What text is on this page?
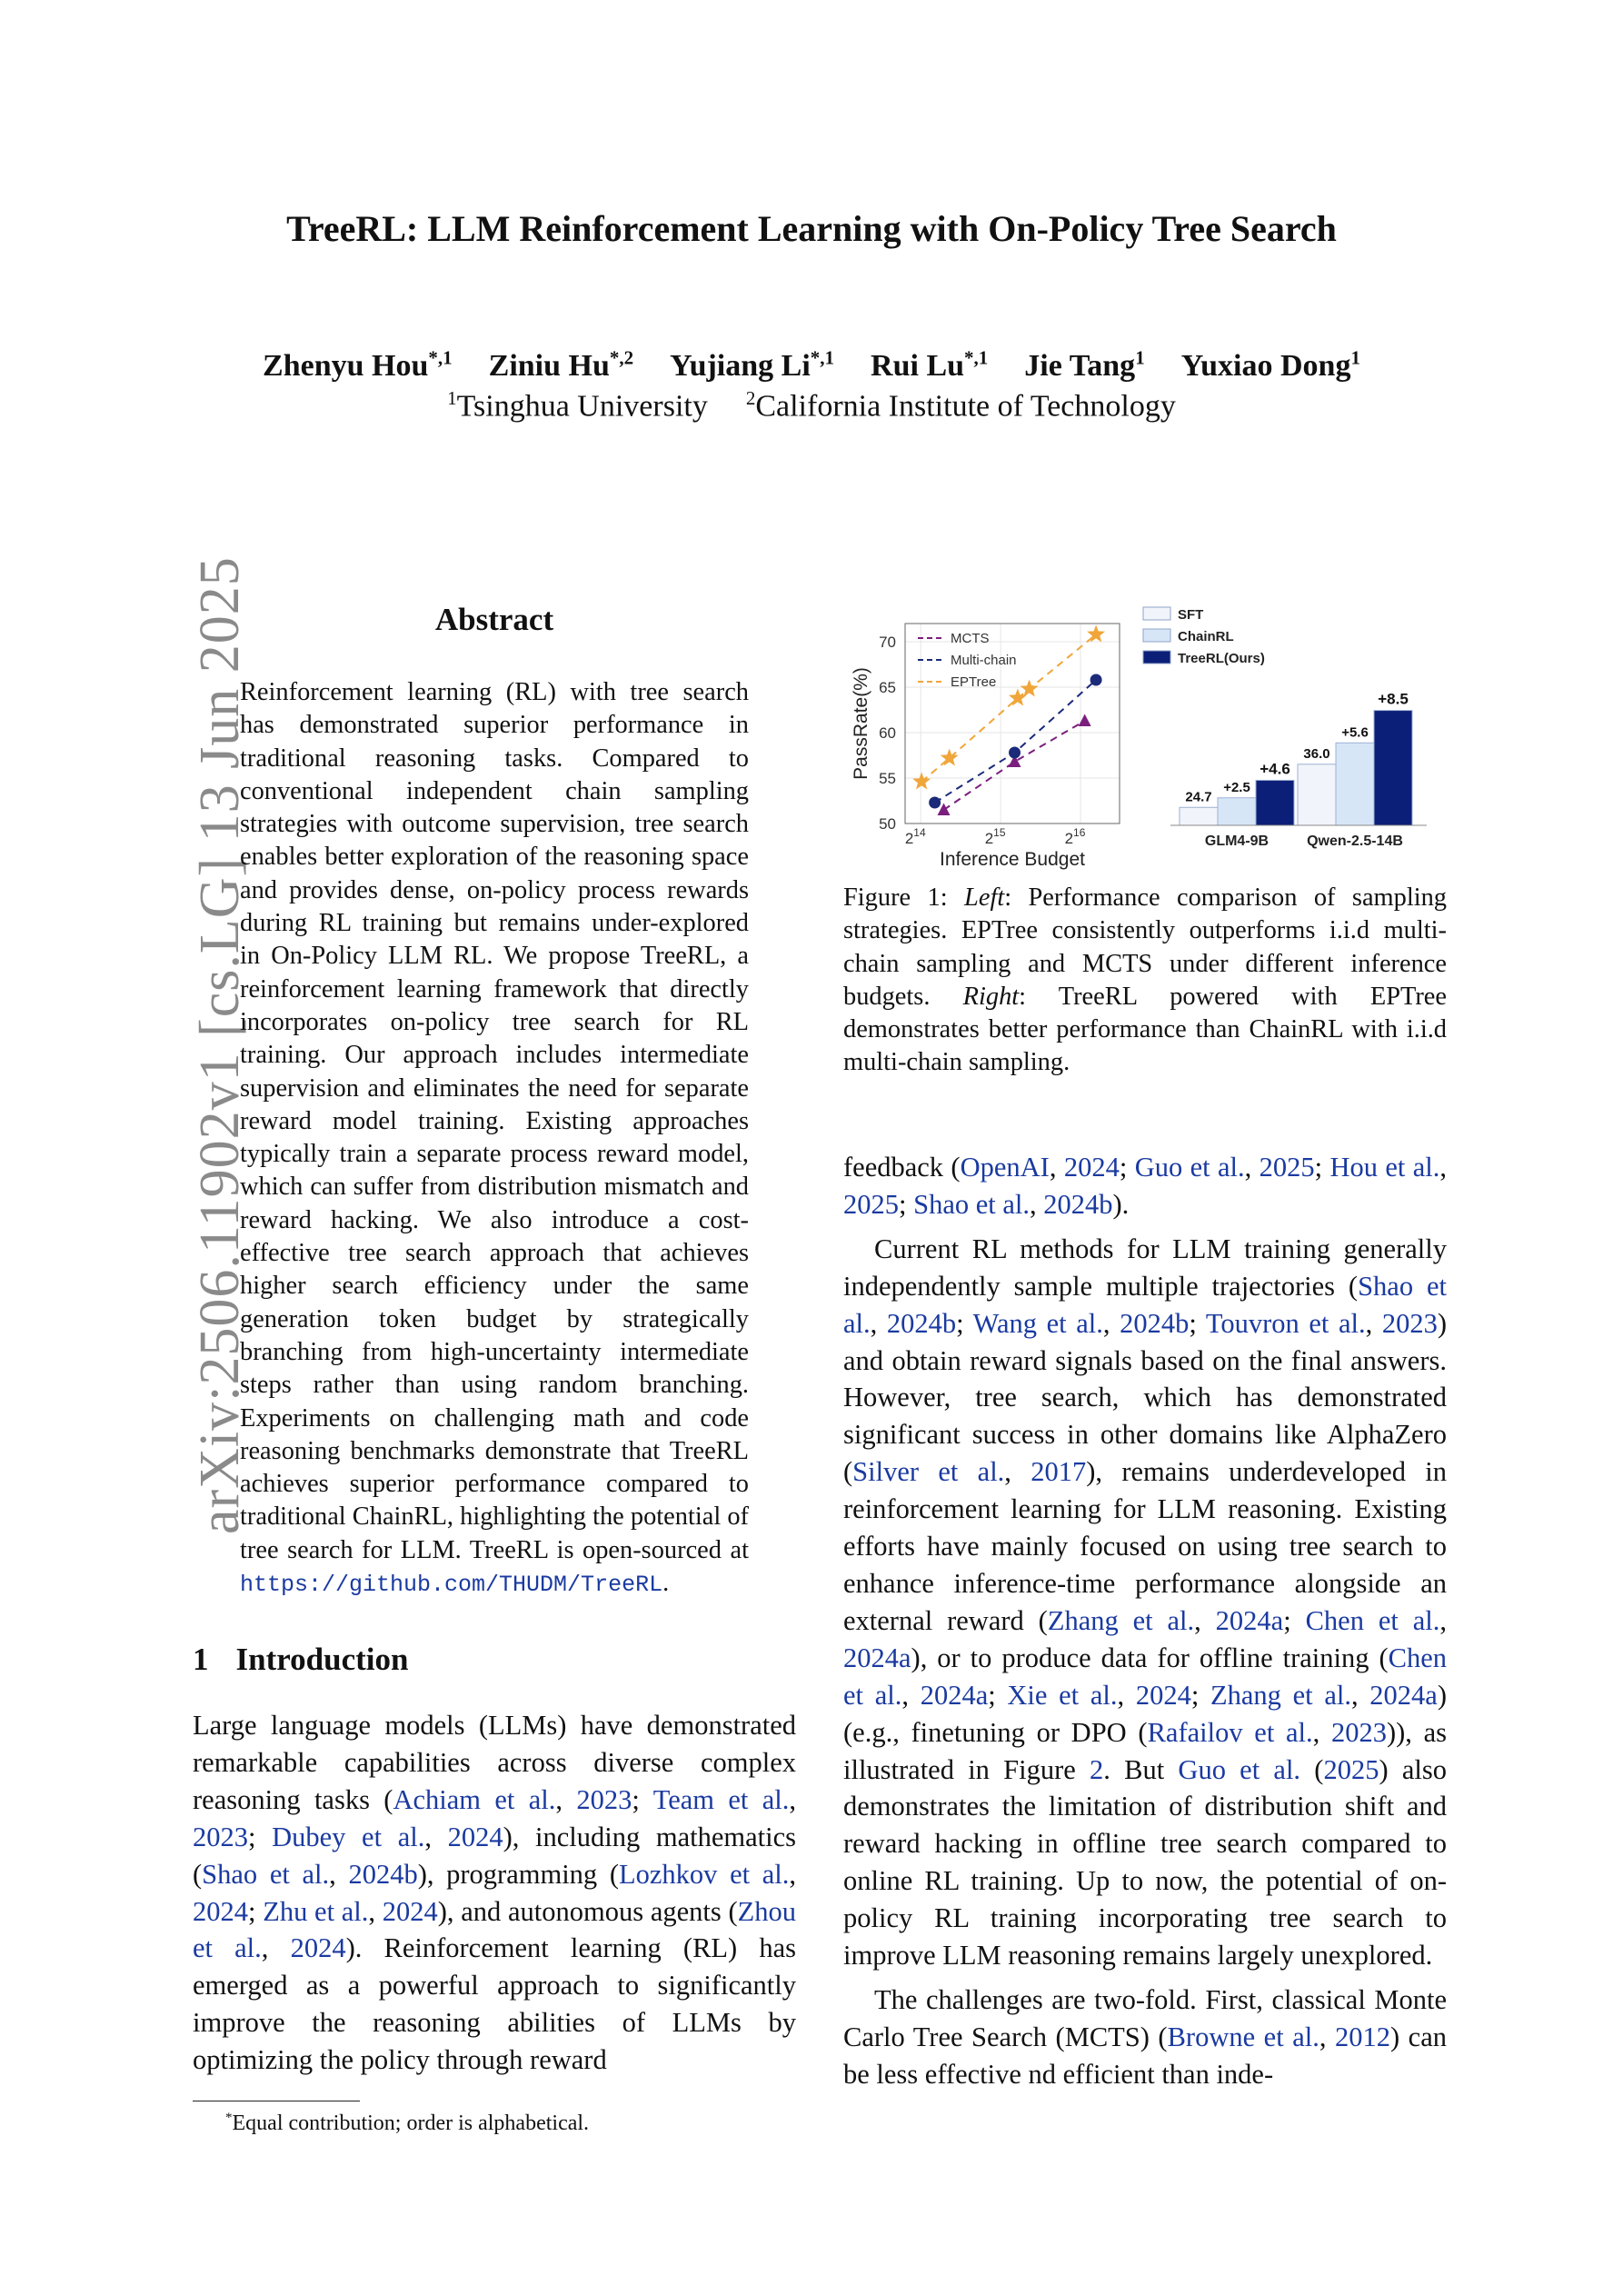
arXiv:2506.11902v1 [cs.LG] 13 Jun 2025
TreeRL: LLM Reinforcement Learning with On-Policy Tree Search
Zhenyu Hou$^{*,1}$ Ziniu $Hu^{*,2}$ Yujiang $Li^{*,1}$ Rui $Lu^{*,1}$ Jie Tang$^1$ Yuxiao Dong$^1$
$^1$Tsinghua University $^2$California Institute of Technology
Abstract
Reinforcement learning (RL) with tree search has demonstrated superior performance in traditional reasoning tasks. Compared to conventional independent chain sampling strategies with outcome supervision, tree search enables better exploration of the reasoning space and provides dense, on-policy process rewards during RL training but remains under-explored in On-Policy LLM RL. We propose TreeRL, a reinforcement learning framework that directly incorporates on-policy tree search for RL training. Our approach includes intermediate supervision and eliminates the need for separate reward model training. Existing approaches typically train a separate process reward model, which can suffer from distribution mismatch and reward hacking. We also introduce a cost-effective tree search approach that achieves higher search efficiency under the same generation token budget by strategically branching from high-uncertainty intermediate steps rather than using random branching. Experiments on challenging math and code reasoning benchmarks demonstrate that TreeRL achieves superior performance compared to traditional ChainRL, highlighting the potential of tree search for LLM. TreeRL is open-sourced at https://github.com/THUDM/TreeRL.
1 Introduction
Large language models (LLMs) have demonstrated remarkable capabilities across diverse complex reasoning tasks (Achiam et al., 2023; Team et al., 2023; Dubey et al., 2024), including mathematics (Shao et al., 2024b), programming (Lozhkov et al., 2024; Zhu et al., 2024), and autonomous agents (Zhou et al., 2024). Reinforcement learning (RL) has emerged as a powerful approach to significantly improve the reasoning abilities of LLMs by optimizing the policy through reward
*Equal contribution; order is alphabetical.
50
55
60
65
70
$2^{14}$	$2^{15}$	$2^{16}$
Inference Budget
PassRate(%)
MCTS
Multi-chain
EPTree
SFT
ChainRL
TreeRL(Ours)
24.7
+2.5
+4.6
GLM4-9B
36.0
+5.6
+8.5
Qwen-2.5-14B
Figure 1: Left: Performance comparison of sampling strategies. EPTree consistently outperforms i.i.d multi-chain sampling and MCTS under different inference budgets. Right: TreeRL powered with EPTree demonstrates better performance than ChainRL with i.i.d multi-chain sampling.

feedback (OpenAI, 2024; Guo et al., 2025; Hou et al., 2025; Shao et al., 2024b).

Current RL methods for LLM training generally independently sample multiple trajectories (Shao et al., 2024b; Wang et al., 2024b; Touvron et al., 2023) and obtain reward signals based on the final answers. However, tree search, which has demonstrated significant success in other domains like AlphaZero (Silver et al., 2017), remains underdeveloped in reinforcement learning for LLM reasoning. Existing efforts have mainly focused on using tree search to enhance inference-time performance alongside an external reward (Zhang et al., 2024a; Chen et al., 2024a), or to produce data for offline training (Chen et al., 2024a; Xie et al., 2024; Zhang et al., 2024a) (e.g., finetuning or DPO (Rafailov et al., 2023)), as illustrated in Figure 2. But Guo et al. (2025) also demonstrates the limitation of distribution shift and reward hacking in offline tree search compared to online RL training. Up to now, the potential of on-policy RL training incorporating tree search to improve LLM reasoning remains largely unexplored.

The challenges are two-fold. First, classical Monte Carlo Tree Search (MCTS) (Browne et al., 2012) can be less effective nd efficient than inde-
